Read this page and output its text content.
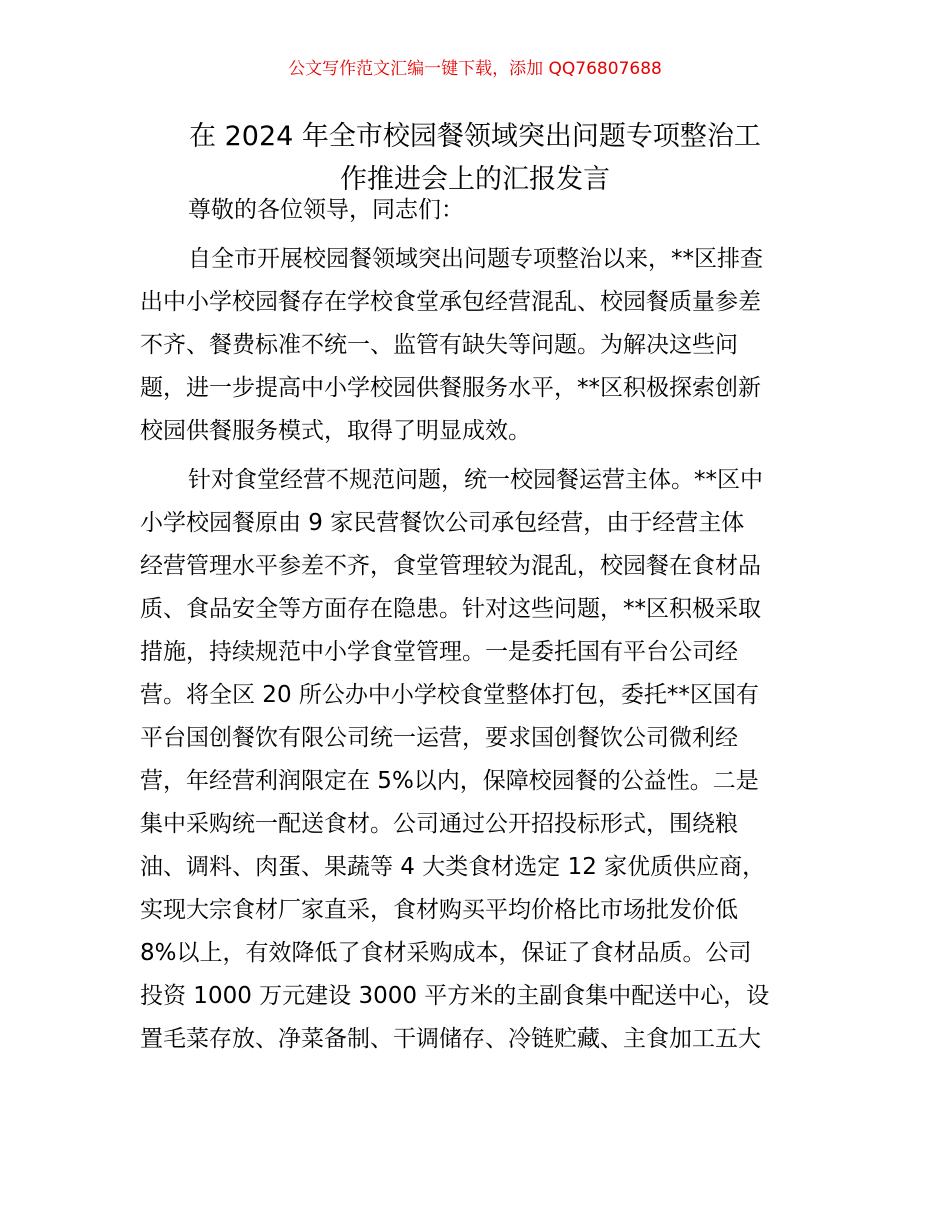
公文写作范文汇编一键下载，添加 QQ76807688
在 2024 年全市校园餐领域突出问题专项整治工
作推进会上的汇报发言

尊敬的各位领导，同志们：

自全市开展校园餐领域突出问题专项整治以来，**区排查
出中小学校园餐存在学校食堂承包经营混乱、校园餐质量参差
不齐、餐费标准不统一、监管有缺失等问题。为解决这些问
题，进一步提高中小学校园供餐服务水平，**区积极探索创新
校园供餐服务模式，取得了明显成效。

针对食堂经营不规范问题，统一校园餐运营主体。**区中
小学校园餐原由 9 家民营餐饮公司承包经营，由于经营主体
经营管理水平参差不齐，食堂管理较为混乱，校园餐在食材品
质、食品安全等方面存在隐患。针对这些问题，**区积极采取
措施，持续规范中小学食堂管理。一是委托国有平台公司经
营。将全区 20 所公办中小学校食堂整体打包，委托**区国有
平台国创餐饮有限公司统一运营，要求国创餐饮公司微利经
营，年经营利润限定在 5%以内，保障校园餐的公益性。二是
集中采购统一配送食材。公司通过公开招投标形式，围绕粮
油、调料、肉蛋、果蔬等 4 大类食材选定 12 家优质供应商，
实现大宗食材厂家直采，食材购买平均价格比市场批发价低
8%以上，有效降低了食材采购成本，保证了食材品质。公司
投资 1000 万元建设 3000 平方米的主副食集中配送中心，设
置毛菜存放、净菜备制、干调储存、冷链贮藏、主食加工五大
